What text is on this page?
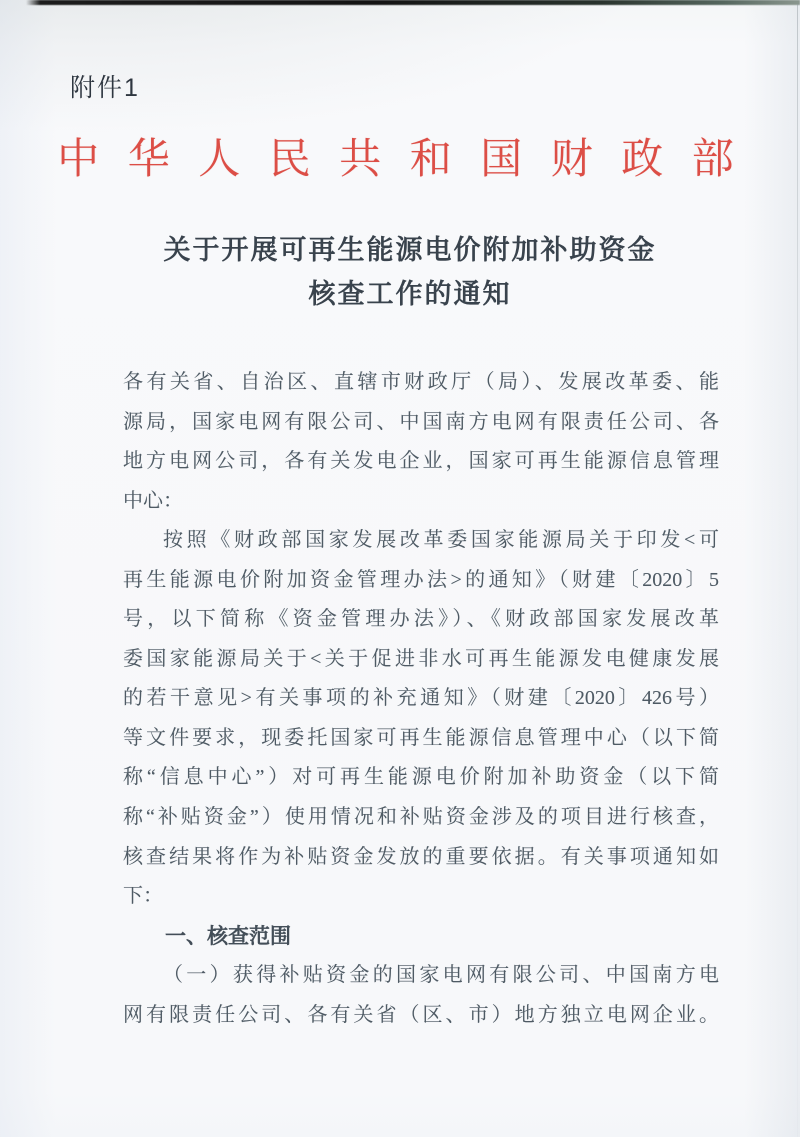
附件1
中 华 人 民 共 和 国 财 政 部
关于开展可再生能源电价附加补助资金
核查工作的通知
各有关省、自治区、直辖市财政厅（局）、发展改革委、能
源局，国家电网有限公司、中国南方电网有限责任公司、各
地方电网公司，各有关发电企业，国家可再生能源信息管理
中心：
按照《财政部国家发展改革委国家能源局关于印发<可
再生能源电价附加资金管理办法>的通知》（财建〔2020〕5
号，以下简称《资金管理办法》）、《财政部国家发展改革
委国家能源局关于<关于促进非水可再生能源发电健康发展
的若干意见>有关事项的补充通知》（财建〔2020〕426号）
等文件要求，现委托国家可再生能源信息管理中心（以下简
称“信息中心”）对可再生能源电价附加补助资金（以下简
称“补贴资金”）使用情况和补贴资金涉及的项目进行核查，
核查结果将作为补贴资金发放的重要依据。有关事项通知如
下：
一、核查范围
（一）获得补贴资金的国家电网有限公司、中国南方电
网有限责任公司、各有关省（区、市）地方独立电网企业。
